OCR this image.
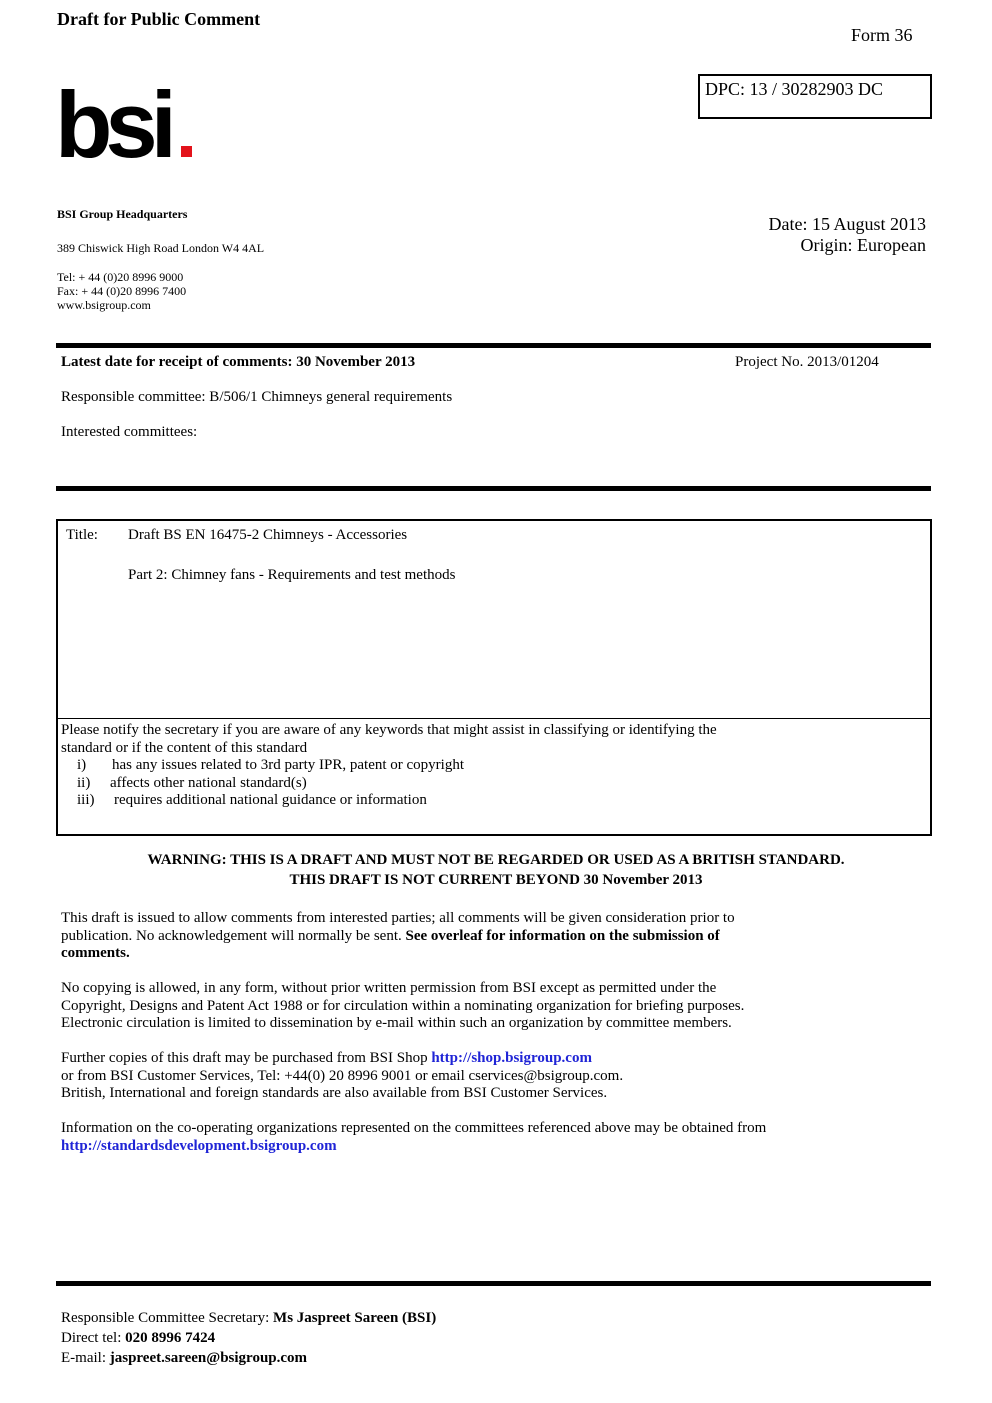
Draft for Public Comment
Form 36
DPC: 13 / 30282903 DC
bsi
BSI Group Headquarters
389 Chiswick High Road London W4 4AL
Tel: + 44 (0)20 8996 9000
Fax: + 44 (0)20 8996 7400
www.bsigroup.com
Date: 15 August 2013
Origin: European
Latest date for receipt of comments: 30 November 2013	Project No. 2013/01204
Responsible committee: B/506/1 Chimneys general requirements
Interested committees:
Title: Draft BS EN 16475-2 Chimneys - Accessories
Part 2: Chimney fans - Requirements and test methods
Please notify the secretary if you are aware of any keywords that might assist in classifying or identifying the
standard or if the content of this standard
i) has any issues related to 3rd party IPR, patent or copyright
ii) affects other national standard(s)
iii) requires additional national guidance or information
WARNING: THIS IS A DRAFT AND MUST NOT BE REGARDED OR USED AS A BRITISH STANDARD.
THIS DRAFT IS NOT CURRENT BEYOND 30 November 2013
This draft is issued to allow comments from interested parties; all comments will be given consideration prior to
publication. No acknowledgement will normally be sent. See overleaf for information on the submission of
comments.
No copying is allowed, in any form, without prior written permission from BSI except as permitted under the
Copyright, Designs and Patent Act 1988 or for circulation within a nominating organization for briefing purposes.
Electronic circulation is limited to dissemination by e-mail within such an organization by committee members.
Further copies of this draft may be purchased from BSI Shop http://shop.bsigroup.com
or from BSI Customer Services, Tel: +44(0) 20 8996 9001 or email cservices@bsigroup.com.
British, International and foreign standards are also available from BSI Customer Services.
Information on the co-operating organizations represented on the committees referenced above may be obtained from
http://standardsdevelopment.bsigroup.com
Responsible Committee Secretary: Ms Jaspreet Sareen (BSI)
Direct tel: 020 8996 7424
E-mail: jaspreet.sareen@bsigroup.com
